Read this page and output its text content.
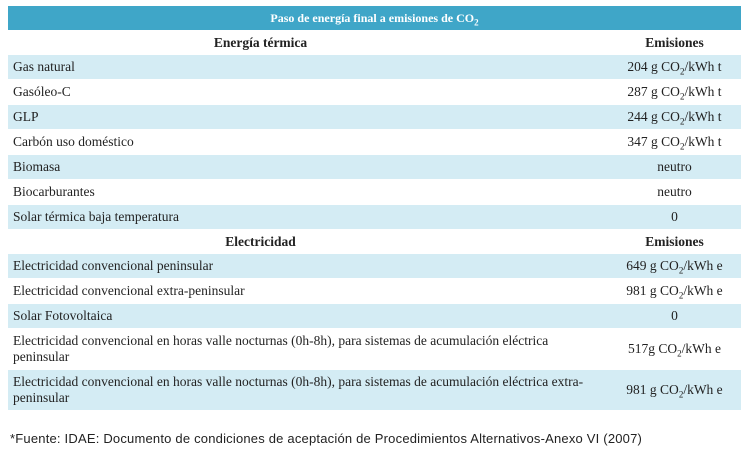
Paso de energía final a emisiones de $CO_2$
Energía térmica	Emisiones
Gas natural	204 g $CO_2$/kWh t
Gasóleo-C	287 g $CO_2$/kWh t
GLP	244 g $CO_2$/kWh t
Carbón uso doméstico	347 g $CO_2$/kWh t
Biomasa	neutro
Biocarburantes	neutro
Solar térmica baja temperatura	0
Electricidad	Emisiones
Electricidad convencional peninsular	649 g $CO_2$/kWh e
Electricidad convencional extra-peninsular	981 g $CO_2$/kWh e
Solar Fotovoltaica	0
Electricidad convencional en horas valle nocturnas (0h-8h), para sistemas de acumulación eléctrica peninsular	517g $CO_2$/kWh e
Electricidad convencional en horas valle nocturnas (0h-8h), para sistemas de acumulación eléctrica extra-peninsular	981 g $CO_2$/kWh e
*Fuente: IDAE: Documento de condiciones de aceptación de Procedimientos Alternativos-Anexo VI (2007)
